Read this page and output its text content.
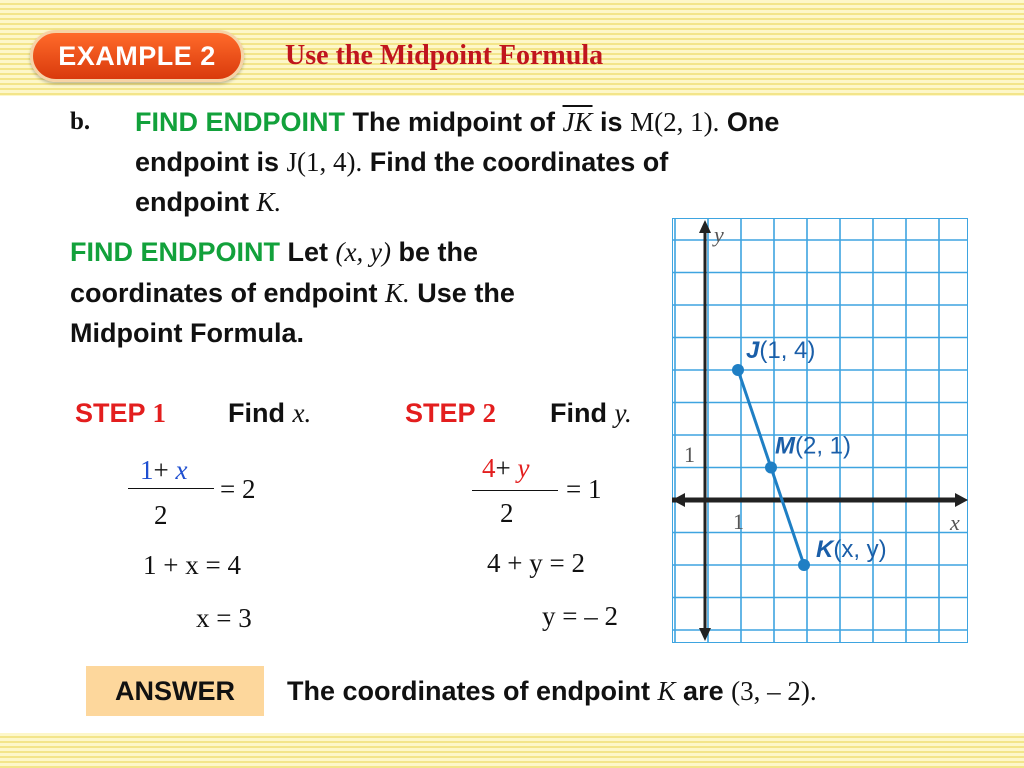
EXAMPLE 2	Use the Midpoint Formula
b. FIND ENDPOINT The midpoint of $\overline{JK}$ is M(2, 1). One
endpoint is J(1, 4). Find the coordinates of
endpoint K.
FIND ENDPOINT Let (x, y) be the
coordinates of endpoint K. Use the
Midpoint Formula.
STEP 1 Find x.
1+ x
2
= 2
1 + x = 4
x = 3
STEP 2 Find y.
4+ y
2
= 1
4 + y = 2
y = – 2
x
y
1
1
J(1, 4)
M(2, 1)
K(x, y)
ANSWER	The coordinates of endpoint K are (3, – 2).
